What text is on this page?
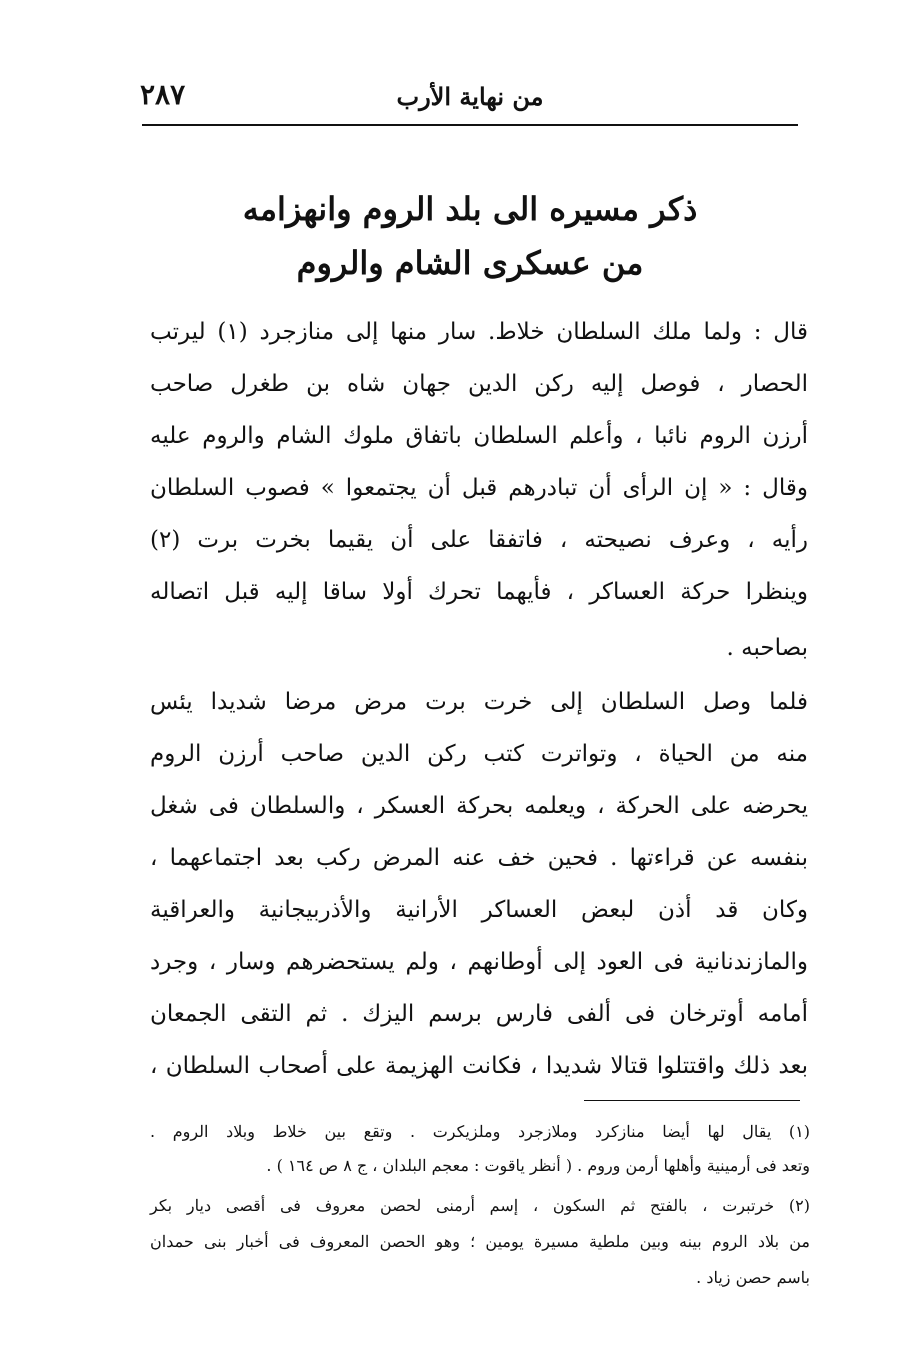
من نهاية الأرب
٢٨٧
ذكر مسيره الى بلد الروم وانهزامه
من عسكرى الشام والروم
قال : ولما ملك السلطان خلاط. سار منها إلى منازجرد (١) ليرتب
الحصار ، فوصل إليه ركن الدين جهان شاه بن طغرل صاحب
أرزن الروم نائبا ، وأعلم السلطان باتفاق ملوك الشام والروم عليه
وقال : « إن الرأى أن تبادرهم قبل أن يجتمعوا » فصوب السلطان
رأيه ، وعرف نصيحته ، فاتفقا على أن يقيما بخرت برت (٢)
وينظرا حركة العساكر ، فأيهما تحرك أولا ساقا إليه قبل اتصاله
بصاحبه .
فلما وصل السلطان إلى خرت برت مرض مرضا شديدا يئس
منه من الحياة ، وتواترت كتب ركن الدين صاحب أرزن الروم
يحرضه على الحركة ، ويعلمه بحركة العسكر ، والسلطان فى شغل
بنفسه عن قراءتها . فحين خف عنه المرض ركب بعد اجتماعهما ،
وكان قد أذن لبعض العساكر الأرانية والأذربيجانية والعراقية
والمازندنانية فى العود إلى أوطانهم ، ولم يستحضرهم وسار ، وجرد
أمامه أوترخان فى ألفى فارس برسم اليزك . ثم التقى الجمعان
بعد ذلك واقتتلوا قتالا شديدا ، فكانت الهزيمة على أصحاب السلطان ،
(١) يقال لها أيضا منازكرد وملازجرد وملزيكرت . وتقع بين خلاط وبلاد الروم .
وتعد فى أرمينية وأهلها أرمن وروم . ( أنظر ياقوت : معجم البلدان ، ج ٨ ص ١٦٤ ) .
(٢) خرتبرت ، بالفتح ثم السكون ، إسم أرمنى لحصن معروف فى أقصى ديار بكر
من بلاد الروم بينه وبين ملطية مسيرة يومين ؛ وهو الحصن المعروف فى أخبار بنى حمدان
باسم حصن زياد .
